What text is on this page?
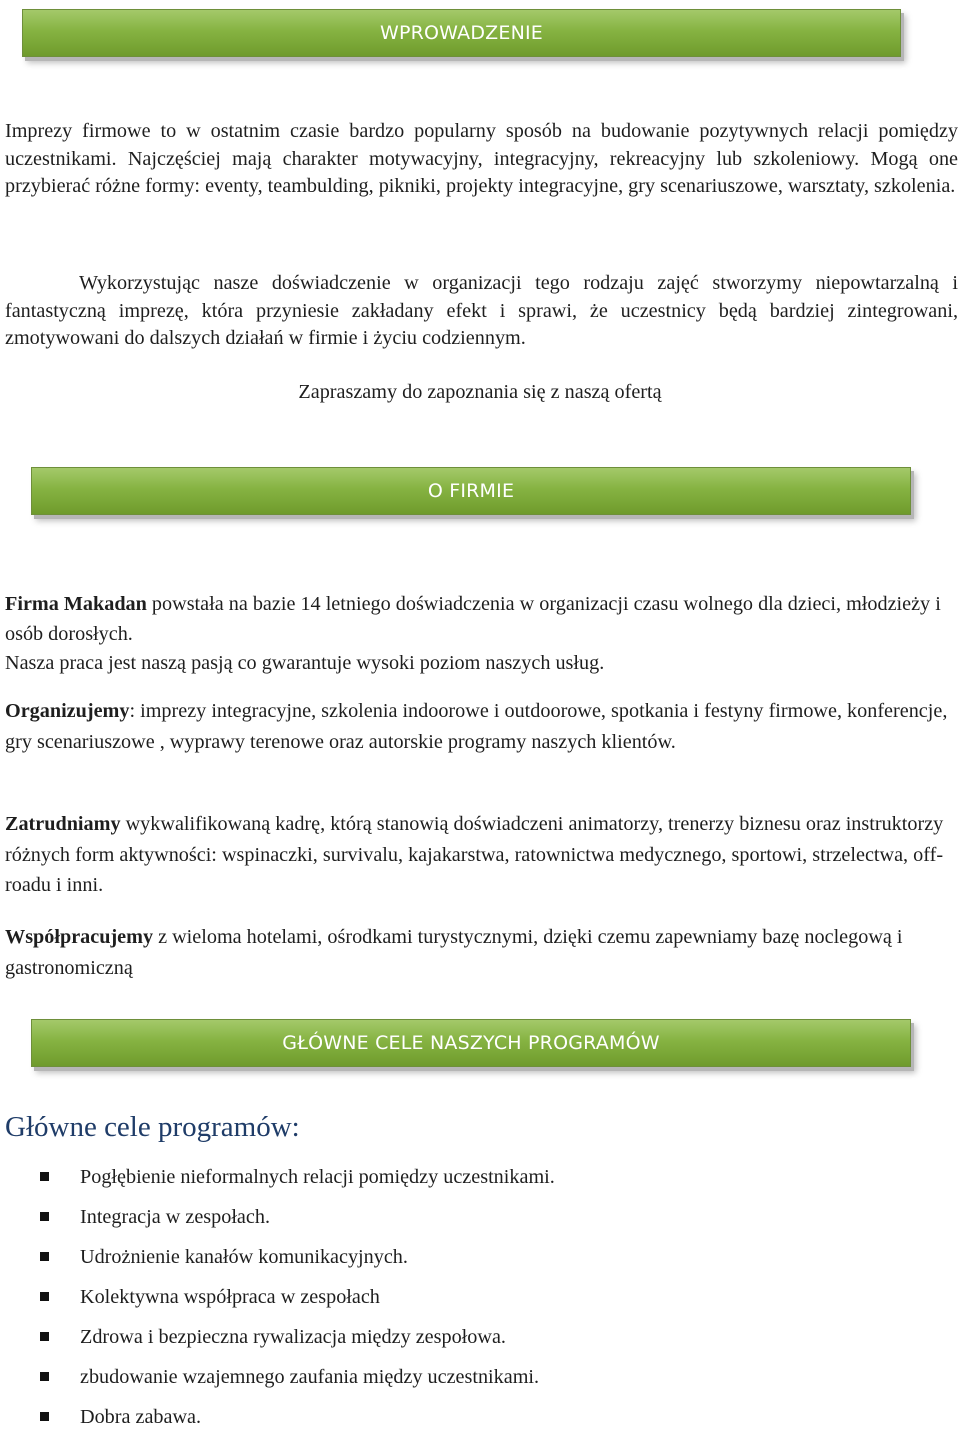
WPROWADZENIE

Imprezy firmowe to w ostatnim czasie bardzo popularny sposób na budowanie pozytywnych relacji pomiędzy uczestnikami. Najczęściej mają charakter motywacyjny, integracyjny, rekreacyjny lub szkoleniowy. Mogą one przybierać różne formy: eventy, teambulding, pikniki, projekty integracyjne, gry scenariuszowe, warsztaty, szkolenia.

Wykorzystując nasze doświadczenie w organizacji tego rodzaju zajęć stworzymy niepowtarzalną i fantastyczną imprezę, która przyniesie zakładany efekt i sprawi, że uczestnicy będą bardziej zintegrowani, zmotywowani do dalszych działań w firmie i życiu codziennym.

Zapraszamy do zapoznania się z naszą ofertą

O FIRMIE

Firma Makadan powstała na bazie 14 letniego doświadczenia w organizacji czasu wolnego dla dzieci, młodzieży i osób dorosłych.
Nasza praca jest naszą pasją co gwarantuje wysoki poziom naszych usług.

Organizujemy: imprezy integracyjne, szkolenia indoorowe i outdoorowe, spotkania i festyny firmowe, konferencje, gry scenariuszowe , wyprawy terenowe oraz autorskie programy naszych klientów.

Zatrudniamy wykwalifikowaną kadrę, którą stanowią doświadczeni animatorzy, trenerzy biznesu oraz instruktorzy różnych form aktywności: wspinaczki, survivalu, kajakarstwa, ratownictwa medycznego, sportowi, strzelectwa, off-roadu i inni.

Współpracujemy z wieloma hotelami, ośrodkami turystycznymi, dzięki czemu zapewniamy bazę noclegową i gastronomiczną

GŁÓWNE CELE NASZYCH PROGRAMÓW
Główne cele programów:
Pogłębienie nieformalnych relacji pomiędzy uczestnikami.
Integracja w zespołach.
Udrożnienie kanałów komunikacyjnych.
Kolektywna współpraca w zespołach
Zdrowa i bezpieczna rywalizacja między zespołowa.
zbudowanie wzajemnego zaufania między uczestnikami.
Dobra zabawa.
